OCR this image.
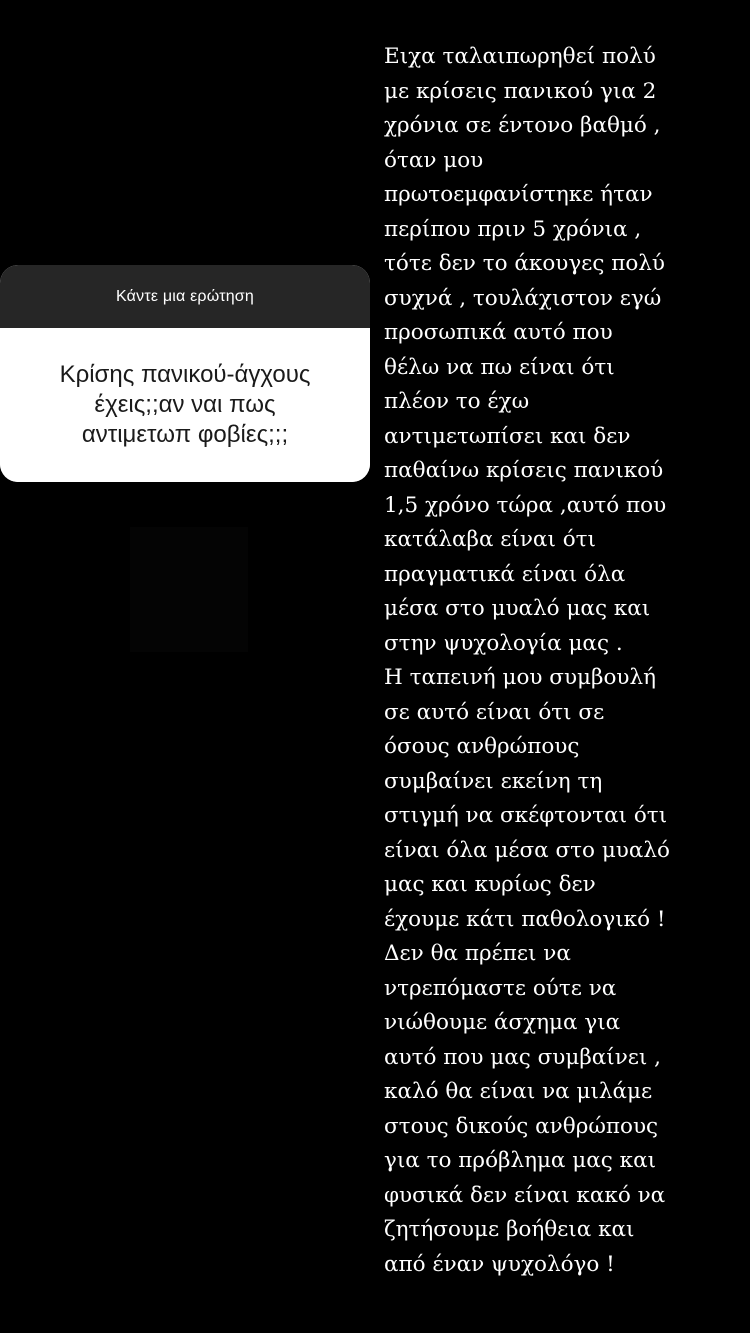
Κάντε μια ερώτηση

Κρίσης πανικού-άγχους
έχεις;;αν ναι πως
αντιμετωπ φοβίες;;;

Ειχα ταλαιπωρηθεί πολύ
με κρίσεις πανικού για 2
χρόνια σε έντονο βαθμό ,
όταν μου
πρωτοεμφανίστηκε ήταν
περίπου πριν 5 χρόνια ,
τότε δεν το άκουγες πολύ
συχνά , τουλάχιστον εγώ
προσωπικά αυτό που
θέλω να πω είναι ότι
πλέον το έχω
αντιμετωπίσει και δεν
παθαίνω κρίσεις πανικού
1,5 χρόνο τώρα ,αυτό που
κατάλαβα είναι ότι
πραγματικά είναι όλα
μέσα στο μυαλό μας και
στην ψυχολογία μας .
Η ταπεινή μου συμβουλή
σε αυτό είναι ότι σε
όσους ανθρώπους
συμβαίνει εκείνη τη
στιγμή να σκέφτονται ότι
είναι όλα μέσα στο μυαλό
μας και κυρίως δεν
έχουμε κάτι παθολογικό !
Δεν θα πρέπει να
ντρεπόμαστε ούτε να
νιώθουμε άσχημα για
αυτό που μας συμβαίνει ,
καλό θα είναι να μιλάμε
στους δικούς ανθρώπους
για το πρόβλημα μας και
φυσικά δεν είναι κακό να
ζητήσουμε βοήθεια και
από έναν ψυχολόγο !
